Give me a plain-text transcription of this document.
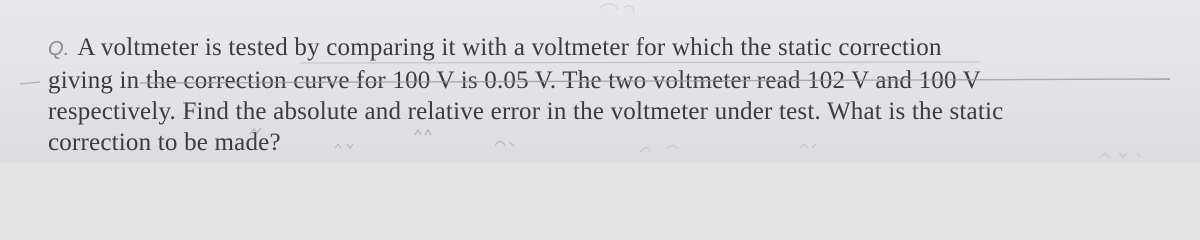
Q. A voltmeter is tested by comparing it with a voltmeter for which the static correction
giving in the correction curve for 100 V is 0.05 V. The two voltmeter read 102 V and 100 V
respectively. Find the absolute and relative error in the voltmeter under test. What is the static
correction to be made?
